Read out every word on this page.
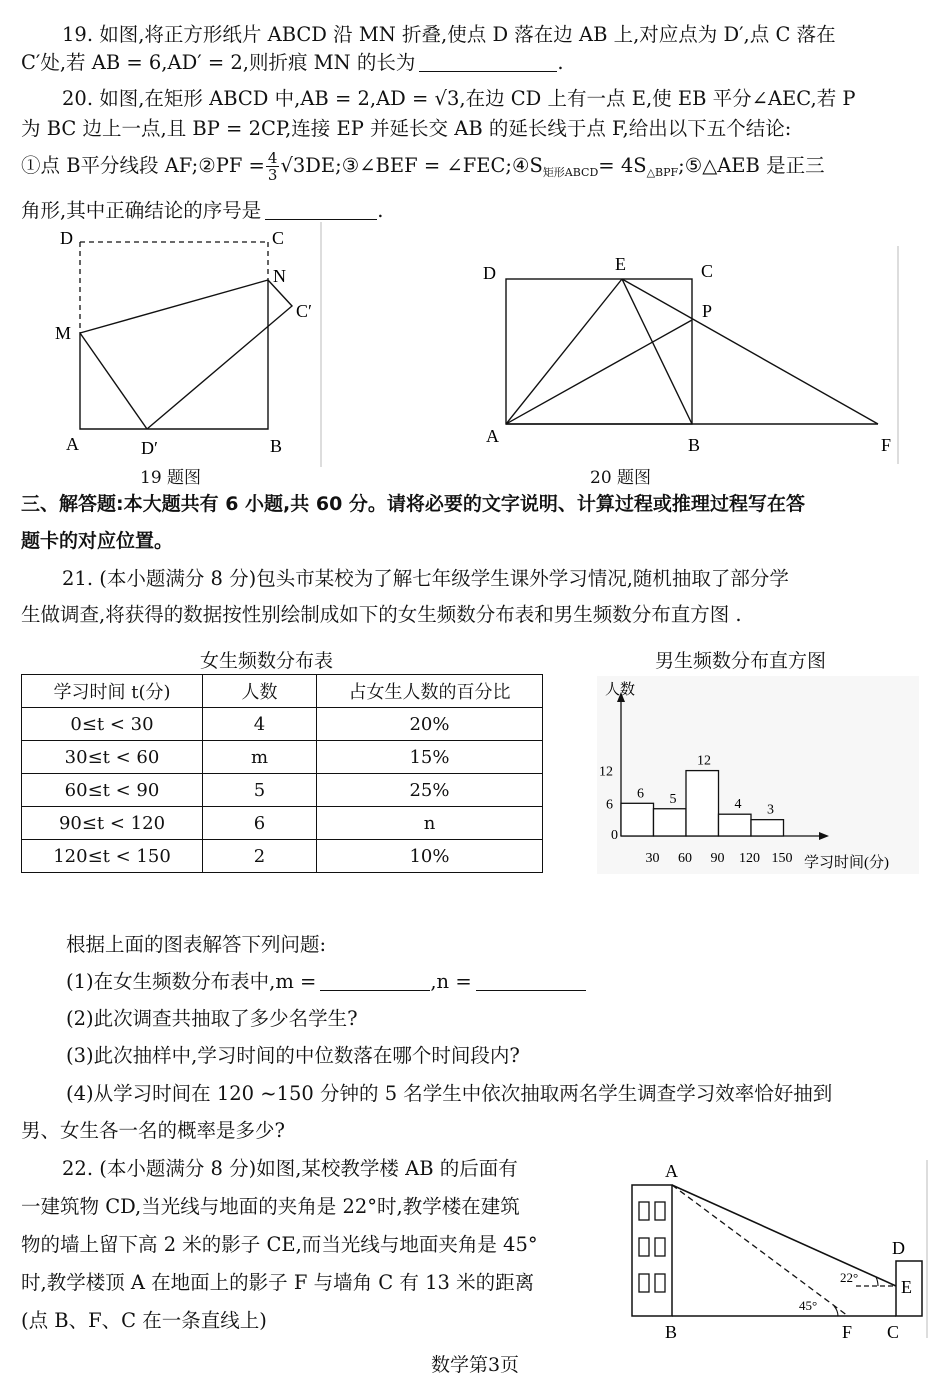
19. 如图,将正方形纸片 ABCD 沿 MN 折叠,使点 D 落在边 AB 上,对应点为 D′,点 C 落在
C′处,若 AB = 6,AD′ = 2,则折痕 MN 的长为	.
20. 如图,在矩形 ABCD 中,AB = 2,AD = √3,在边 CD 上有一点 E,使 EB 平分∠AEC,若 P
为 BC 边上一点,且 BP = 2CP,连接 EP 并延长交 AB 的延长线于点 F,给出以下五个结论:
①点 B平分线段 AF;②PF = $\frac{4}{3}$ √3DE;③∠BEF = $\angle FEC;④S_{矩形ABCD}=$ $4S_{\triangle BPF};⑤\triangle AEB$ 是正三
角形,其中正确结论的序号是	.
D	C
N
C′
M
A	D′	B
19 题图
D	E	C
P
A	B	F
20 题图
三、解答题:本大题共有 6 小题,共 60 分。请将必要的文字说明、计算过程或推理过程写在答
题卡的对应位置。
21. (本小题满分 8 分)包头市某校为了解七年级学生课外学习情况,随机抽取了部分学
生做调查,将获得的数据按性别绘制成如下的女生频数分布表和男生频数分布直方图 .
女生频数分布表
学习时间 t(分)	人数	占女生人数的百分比
0≤t < 30	4	20%
30≤t < 60	m	15%
60≤t < 90	5	25%
90≤t < 120	6	n
120≤t < 150	2	10%
男生频数分布直方图
人数
学习时间(分)
6 5
12
4 3
6
12
0
30 60 90 120 150
根据上面的图表解答下列问题:
(1)在女生频数分布表中,m =	,n =
(2)此次调查共抽取了多少名学生?
(3)此次抽样中,学习时间的中位数落在哪个时间段内?
(4)从学习时间在 120 ~150 分钟的 5 名学生中依次抽取两名学生调查学习效率恰好抽到
男、女生各一名的概率是多少?
22. (本小题满分 8 分)如图,某校教学楼 AB 的后面有
一建筑物 CD,当光线与地面的夹角是 22°时,教学楼在建筑
物的墙上留下高 2 米的影子 CE,而当光线与地面夹角是 45°
时,教学楼顶 A 在地面上的影子 F 与墙角 C 有 13 米的距离
(点 B、F、C 在一条直线上)
A
B	F C
D
E
22°
45°
数学第3页
